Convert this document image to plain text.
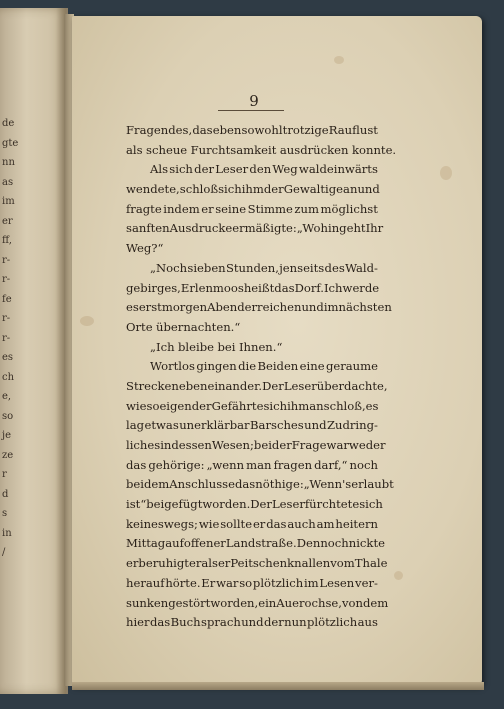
de
gte
nn
as
im
er
ff,
r-
r-
fe
r-
r-
es
ch
e,
so
je
ze
r
d
s
in
/
9
Fragendes, das eben sowohl trotzige Rauflust
als scheue Furchtsamkeit ausdrücken konnte.
Als sich der Leser den Weg waldeinwärts
wendete, schloß sich ihm der Gewaltige an und
fragte indem er seine Stimme zum möglichst
sanften Ausdrucke ermäßigte: „Wohin geht Ihr
Weg?“
„Noch sieben Stunden, jenseits des Wald-
gebirges, Erlenmoos heißt das Dorf. Ich werde
es erst morgen Abend erreichen und im nächsten
Orte übernachten.“
„Ich bleibe bei Ihnen.“
Wortlos gingen die Beiden eine geraume
Strecke nebeneinander. Der Leser überdachte,
wie so eigen der Gefährte sich ihm anschloß, es
lag etwas unerklärbar Barsches und Zudring-
liches in dessen Wesen; bei der Frage war weder
das gehörige: „wenn man fragen darf,“ noch
bei dem Anschlusse das nöthige: „Wenn's erlaubt
ist“ beigefügt worden. Der Leser fürchtete sich
keineswegs; wie sollte er das auch am heitern
Mittag auf offener Landstraße. Dennoch nickte
er beruhigter als er Peitschenknallen vom Thale
herauf hörte. Er war so plötzlich im Lesen ver-
sunken gestört worden, ein Auerochse, von dem
hier das Buch sprach und der nun plötzlich aus
